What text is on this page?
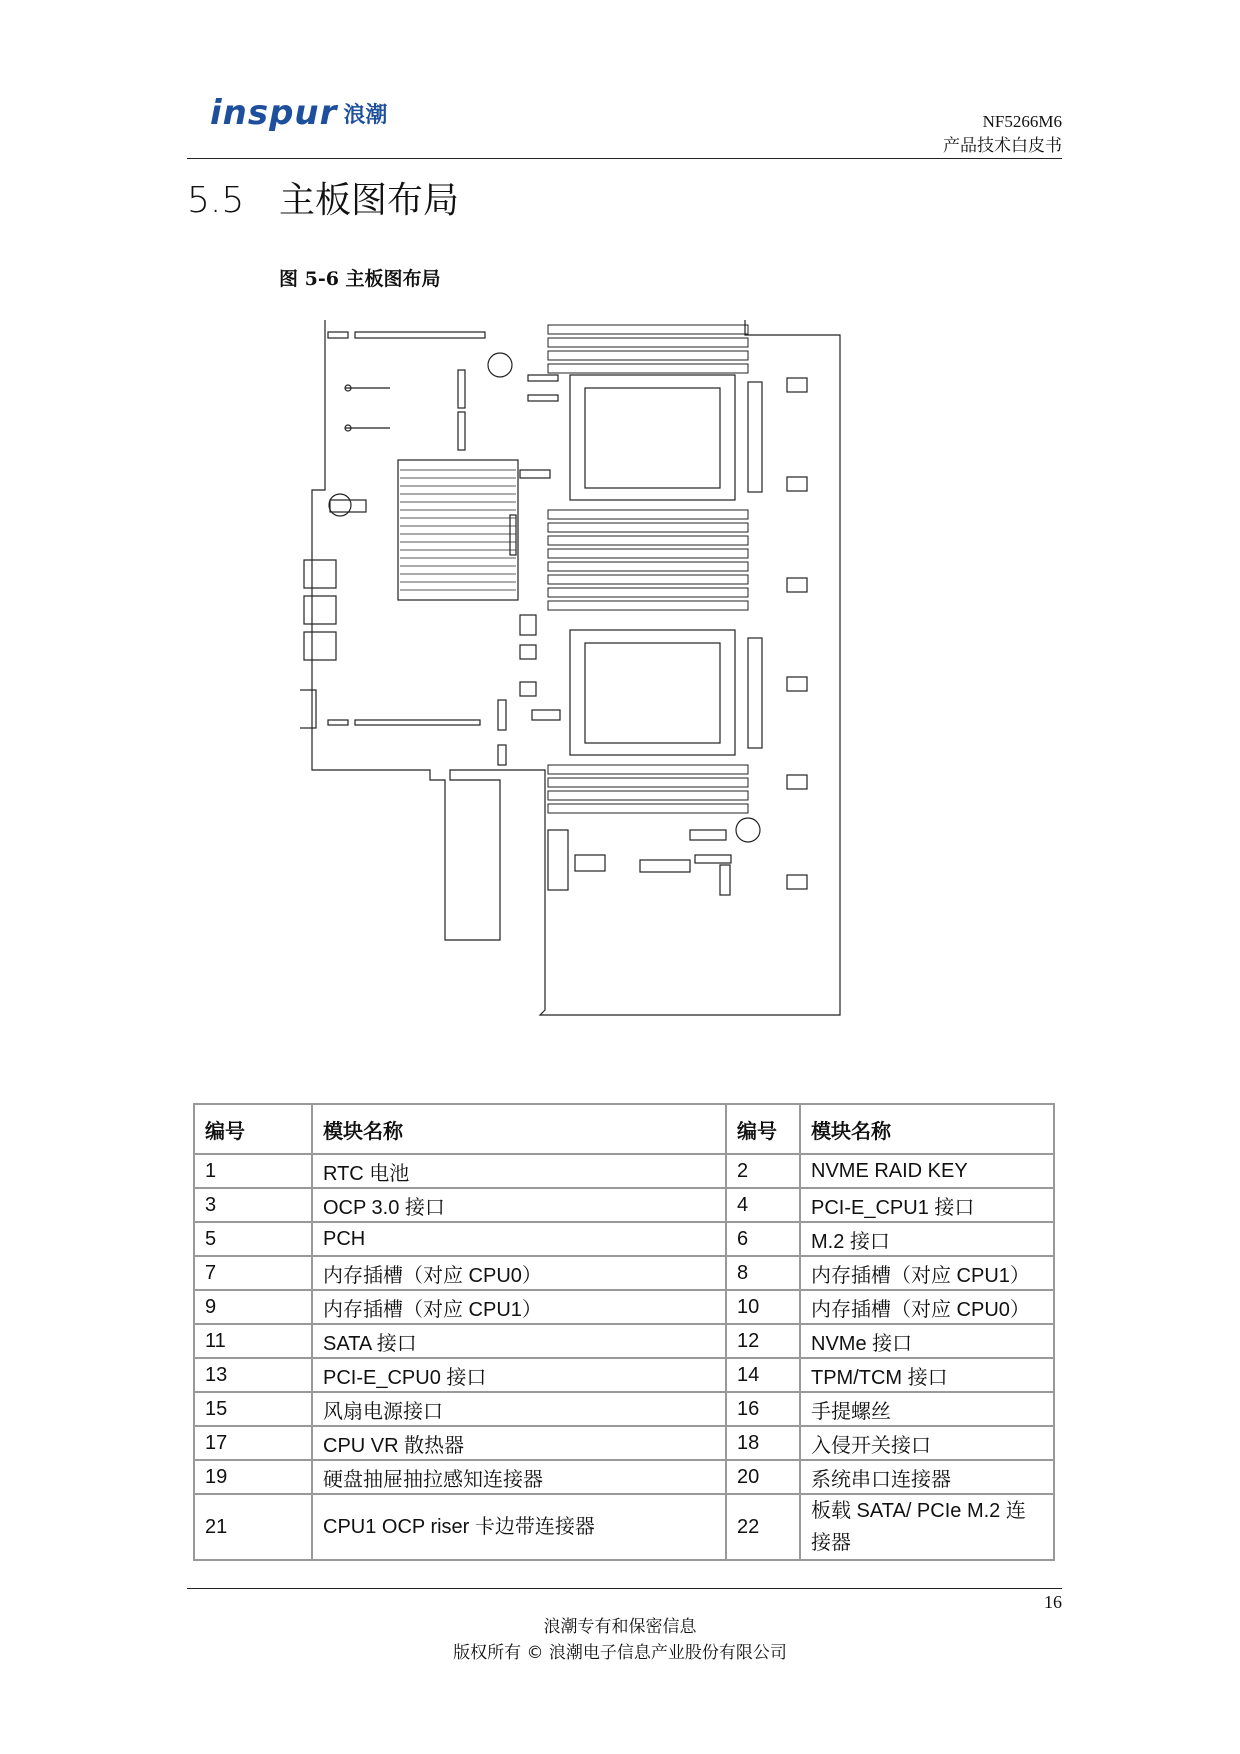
inspur 浪潮	NF5266M6
产品技术白皮书
5.5 主板图布局
图 5-6 主板图布局
编号	模块名称	编号	模块名称
1	RTC 电池	2	NVME RAID KEY
3	OCP 3.0 接口	4	PCI-E_CPU1 接口
5	PCH	6	M.2 接口
7	内存插槽（对应 CPU0）	8	内存插槽（对应 CPU1）
9	内存插槽（对应 CPU1）	10	内存插槽（对应 CPU0）
11	SATA 接口	12	NVMe 接口
13	PCI-E_CPU0 接口	14	TPM/TCM 接口
15	风扇电源接口	16	手提螺丝
17	CPU VR 散热器	18	入侵开关接口
19	硬盘抽屉抽拉感知连接器	20	系统串口连接器
21	CPU1 OCP riser 卡边带连接器	22	板载 SATA/ PCIe M.2 连接器
16
浪潮专有和保密信息
版权所有 © 浪潮电子信息产业股份有限公司
